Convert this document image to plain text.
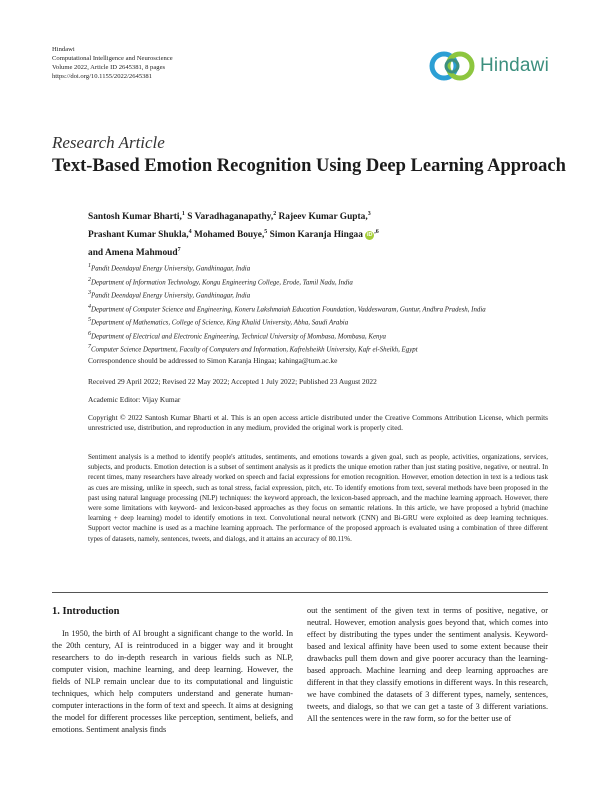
Hindawi
Computational Intelligence and Neuroscience
Volume 2022, Article ID 2645381, 8 pages
https://doi.org/10.1155/2022/2645381
Hindawi
Research Article
Text-Based Emotion Recognition Using Deep Learning Approach
Santosh Kumar Bharti,$^1$ S Varadhaganapathy,$^2$ Rajeev Kumar Gupta,$^3$
Prashant Kumar Shukla,$^4$ Mohamed Bouye,$^5$ Simon Karanja Hingaa iD $^{,6}$
and Amena Mahmoud$^7$
$^1$Pandit Deendayal Energy University, Gandhinagar, India
$^2$Department of Information Technology, Kongu Engineering College, Erode, Tamil Nadu, India
$^3$Pandit Deendayal Energy University, Gandhinagar, India
$^4$Department of Computer Science and Engineering, Koneru Lakshmaiah Education Foundation, Vaddeswaram, Guntur, Andhra Pradesh, India
$^5$Department of Mathematics, College of Science, King Khalid University, Abha, Saudi Arabia
$^6$Department of Electrical and Electronic Engineering, Technical University of Mombasa, Mombasa, Kenya
$^7$Computer Science Department, Faculty of Computers and Information, Kafrelsheikh University, Kafr el-Sheikh, Egypt
Correspondence should be addressed to Simon Karanja Hingaa; kahinga@tum.ac.ke
Received 29 April 2022; Revised 22 May 2022; Accepted 1 July 2022; Published 23 August 2022
Academic Editor: Vijay Kumar
Copyright © 2022 Santosh Kumar Bharti et al. This is an open access article distributed under the Creative Commons Attribution License, which permits unrestricted use, distribution, and reproduction in any medium, provided the original work is properly cited.
Sentiment analysis is a method to identify people's attitudes, sentiments, and emotions towards a given goal, such as people, activities, organizations, services, subjects, and products. Emotion detection is a subset of sentiment analysis as it predicts the unique emotion rather than just stating positive, negative, or neutral. In recent times, many researchers have already worked on speech and facial expressions for emotion recognition. However, emotion detection in text is a tedious task as cues are missing, unlike in speech, such as tonal stress, facial expression, pitch, etc. To identify emotions from text, several methods have been proposed in the past using natural language processing (NLP) techniques: the keyword approach, the lexicon-based approach, and the machine learning approach. However, there were some limitations with keyword- and lexicon-based approaches as they focus on semantic relations. In this article, we have proposed a hybrid (machine learning + deep learning) model to identify emotions in text. Convolutional neural network (CNN) and Bi-GRU were exploited as deep learning techniques. Support vector machine is used as a machine learning approach. The performance of the proposed approach is evaluated using a combination of three different types of datasets, namely, sentences, tweets, and dialogs, and it attains an accuracy of 80.11%.
1. Introduction
In 1950, the birth of AI brought a significant change to the world. In the 20th century, AI is reintroduced in a bigger way and it brought researchers to do in-depth research in various fields such as NLP, computer vision, machine learning, and deep learning. However, the fields of NLP remain unclear due to its computational and linguistic techniques, which help computers understand and generate human-computer interactions in the form of text and speech. It aims at designing the model for different processes like perception, sentiment, beliefs, and emotions. Sentiment analysis finds
out the sentiment of the given text in terms of positive, negative, or neutral. However, emotion analysis goes beyond that, which comes into effect by distributing the types under the sentiment analysis. Keyword-based and lexical affinity have been used to some extent because their drawbacks pull them down and give poorer accuracy than the learning-based approach. Machine learning and deep learning approaches are different in that they classify emotions in different ways. In this research, we have combined the datasets of 3 different types, namely, sentences, tweets, and dialogs, so that we can get a taste of 3 different variations. All the sentences were in the raw form, so for the better use of
